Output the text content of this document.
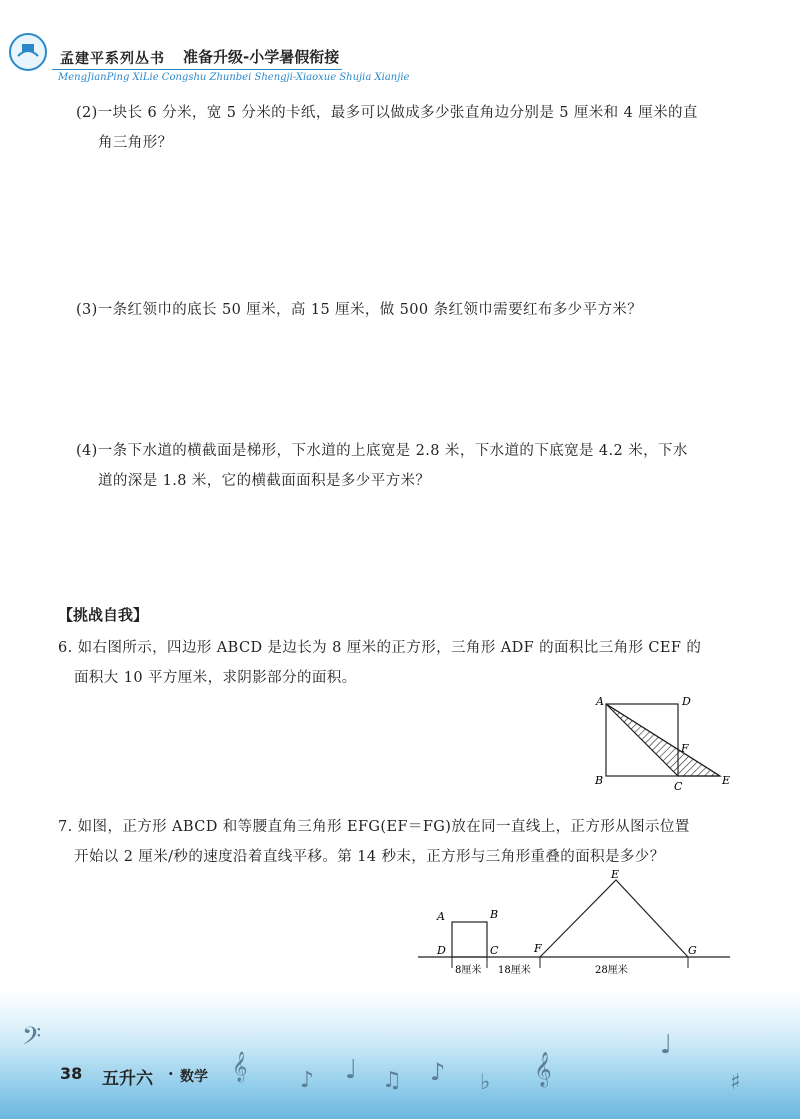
孟建平系列丛书 准备升级-小学暑假衔接
MengJianPing XiLie Congshu Zhunbei Shengji-Xiaoxue Shujia Xianjie
(2)一块长 6 分米，宽 5 分米的卡纸，最多可以做成多少张直角边分别是 5 厘米和 4 厘米的直
角三角形？
(3)一条红领巾的底长 50 厘米，高 15 厘米，做 500 条红领巾需要红布多少平方米？
(4)一条下水道的横截面是梯形，下水道的上底宽是 2.8 米，下水道的下底宽是 4.2 米，下水
道的深是 1.8 米，它的横截面面积是多少平方米？
【挑战自我】
6. 如右图所示，四边形 ABCD 是边长为 8 厘米的正方形，三角形 ADF 的面积比三角形 CEF 的
面积大 10 平方厘米，求阴影部分的面积。
A	D
B	C	E
F
7. 如图，正方形 ABCD 和等腰直角三角形 EFG(EF＝FG)放在同一直线上，正方形从图示位置
开始以 2 厘米/秒的速度沿着直线平移。第 14 秒末，正方形与三角形重叠的面积是多少？
A	B
D	C	F
E
G
8厘米 18厘米	28厘米
𝄢
𝄞 ♪ ♩ ♫ ♪ ♭ 𝄞
♩
♯
38 五升六 · 数学
